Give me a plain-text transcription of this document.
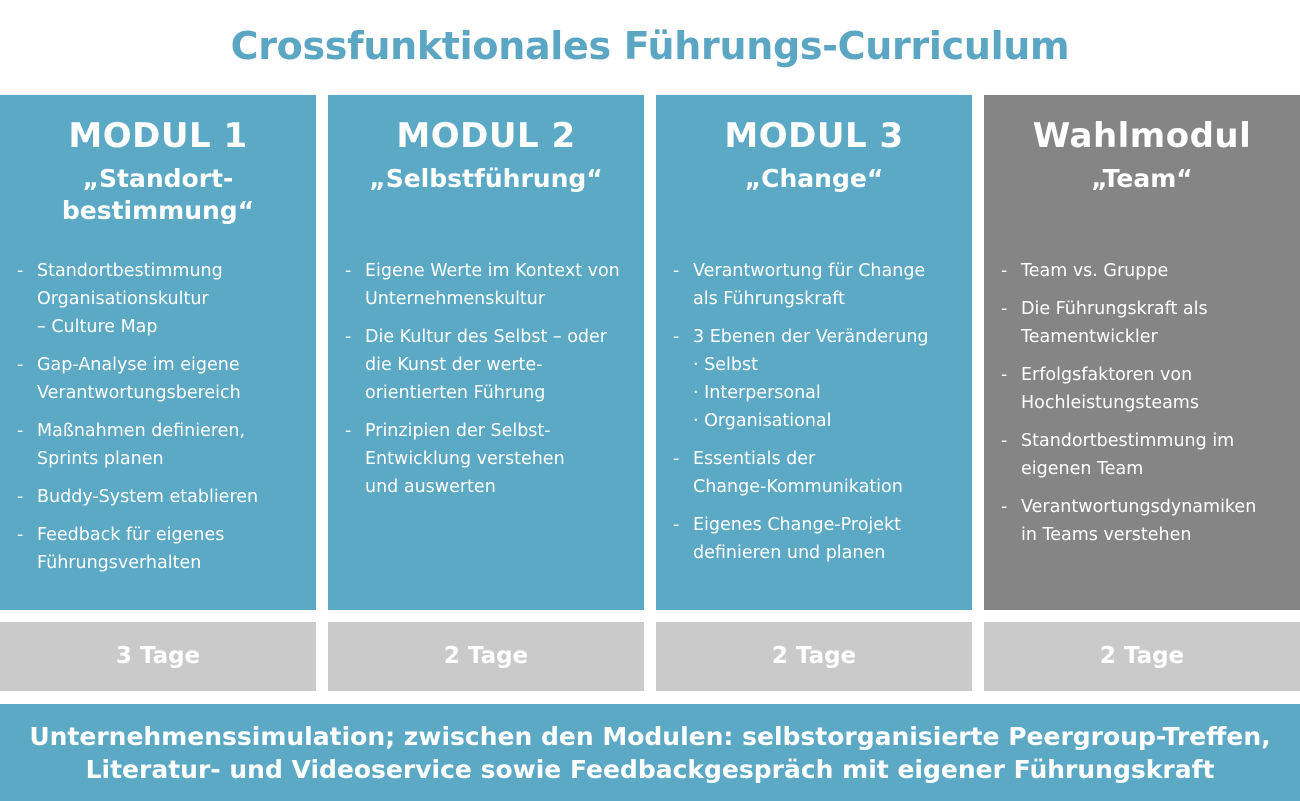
Crossfunktionales Führungs-Curriculum
MODUL 1
„Standort-
bestimmung“
- Standortbestimmung
Organisationskultur
– Culture Map
- Gap-Analyse im eigene
Verantwortungsbereich
- Maßnahmen definieren,
Sprints planen
- Buddy-System etablieren
- Feedback für eigenes
Führungsverhalten
MODUL 2
„Selbstführung“
- Eigene Werte im Kontext von
Unternehmenskultur
- Die Kultur des Selbst – oder
die Kunst der werte-
orientierten Führung
- Prinzipien der Selbst-
Entwicklung verstehen
und auswerten
MODUL 3
„Change“
- Verantwortung für Change
als Führungskraft
- 3 Ebenen der Veränderung
· Selbst
· Interpersonal
· Organisational
- Essentials der
Change-Kommunikation
- Eigenes Change-Projekt
definieren und planen
Wahlmodul
„Team“
- Team vs. Gruppe
- Die Führungskraft als
Teamentwickler
- Erfolgsfaktoren von
Hochleistungsteams
- Standortbestimmung im
eigenen Team
- Verantwortungsdynamiken
in Teams verstehen
3 Tage	2 Tage	2 Tage	2 Tage
Unternehmenssimulation; zwischen den Modulen: selbstorganisierte Peergroup-Treffen,
Literatur- und Videoservice sowie Feedbackgespräch mit eigener Führungskraft
